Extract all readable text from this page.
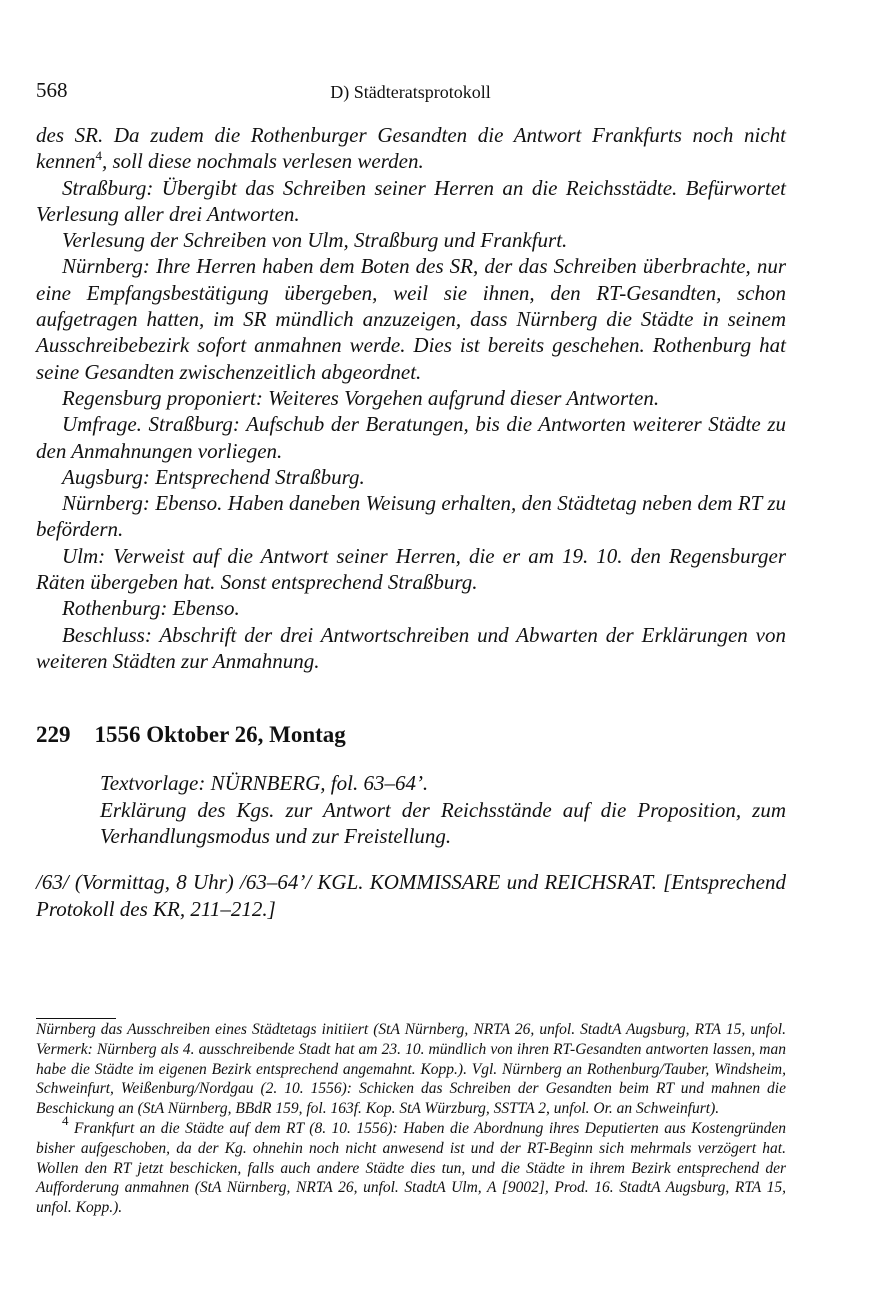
568	D) Städteratsprotokoll

des SR. Da zudem die Rothenburger Gesandten die Antwort Frankfurts noch nicht kennen$^4$, soll diese nochmals verlesen werden.

Straßburg: Übergibt das Schreiben seiner Herren an die Reichsstädte. Befürwortet Verlesung aller drei Antworten.

Verlesung der Schreiben von Ulm, Straßburg und Frankfurt.

Nürnberg: Ihre Herren haben dem Boten des SR, der das Schreiben überbrachte, nur eine Empfangsbestätigung übergeben, weil sie ihnen, den RT-Gesandten, schon aufgetragen hatten, im SR mündlich anzuzeigen, dass Nürnberg die Städte in seinem Ausschreibebezirk sofort anmahnen werde. Dies ist bereits geschehen. Rothenburg hat seine Gesandten zwischenzeitlich abgeordnet.

Regensburg proponiert: Weiteres Vorgehen aufgrund dieser Antworten.

Umfrage. Straßburg: Aufschub der Beratungen, bis die Antworten weiterer Städte zu den Anmahnungen vorliegen.

Augsburg: Entsprechend Straßburg.

Nürnberg: Ebenso. Haben daneben Weisung erhalten, den Städtetag neben dem RT zu befördern.

Ulm: Verweist auf die Antwort seiner Herren, die er am 19. 10. den Regensburger Räten übergeben hat. Sonst entsprechend Straßburg.

Rothenburg: Ebenso.

Beschluss: Abschrift der drei Antwortschreiben und Abwarten der Erklärungen von weiteren Städten zur Anmahnung.

229 1556 Oktober 26, Montag

Textvorlage: NÜRNBERG, fol. 63–64’.

Erklärung des Kgs. zur Antwort der Reichsstände auf die Proposition, zum Verhandlungsmodus und zur Freistellung.

/63/ (Vormittag, 8 Uhr) /63–64’/ KGL. KOMMISSARE und REICHSRAT. [Entsprechend Protokoll des KR, 211–212.]

Nürnberg das Ausschreiben eines Städtetags initiiert (StA Nürnberg, NRTA 26, unfol. StadtA Augsburg, RTA 15, unfol. Vermerk: Nürnberg als 4. ausschreibende Stadt hat am 23. 10. mündlich von ihren RT-Gesandten antworten lassen, man habe die Städte im eigenen Bezirk entsprechend angemahnt. Kopp.). Vgl. Nürnberg an Rothenburg/Tauber, Windsheim, Schweinfurt, Weißenburg/Nordgau (2. 10. 1556): Schicken das Schreiben der Gesandten beim RT und mahnen die Beschickung an (StA Nürnberg, BBdR 159, fol. 163f. Kop. StA Würzburg, SSTTA 2, unfol. Or. an Schweinfurt).

$^4$ Frankfurt an die Städte auf dem RT (8. 10. 1556): Haben die Abordnung ihres Deputierten aus Kostengründen bisher aufgeschoben, da der Kg. ohnehin noch nicht anwesend ist und der RT-Beginn sich mehrmals verzögert hat. Wollen den RT jetzt beschicken, falls auch andere Städte dies tun, und die Städte in ihrem Bezirk entsprechend der Aufforderung anmahnen (StA Nürnberg, NRTA 26, unfol. StadtA Ulm, A [9002], Prod. 16. StadtA Augsburg, RTA 15, unfol. Kopp.).
